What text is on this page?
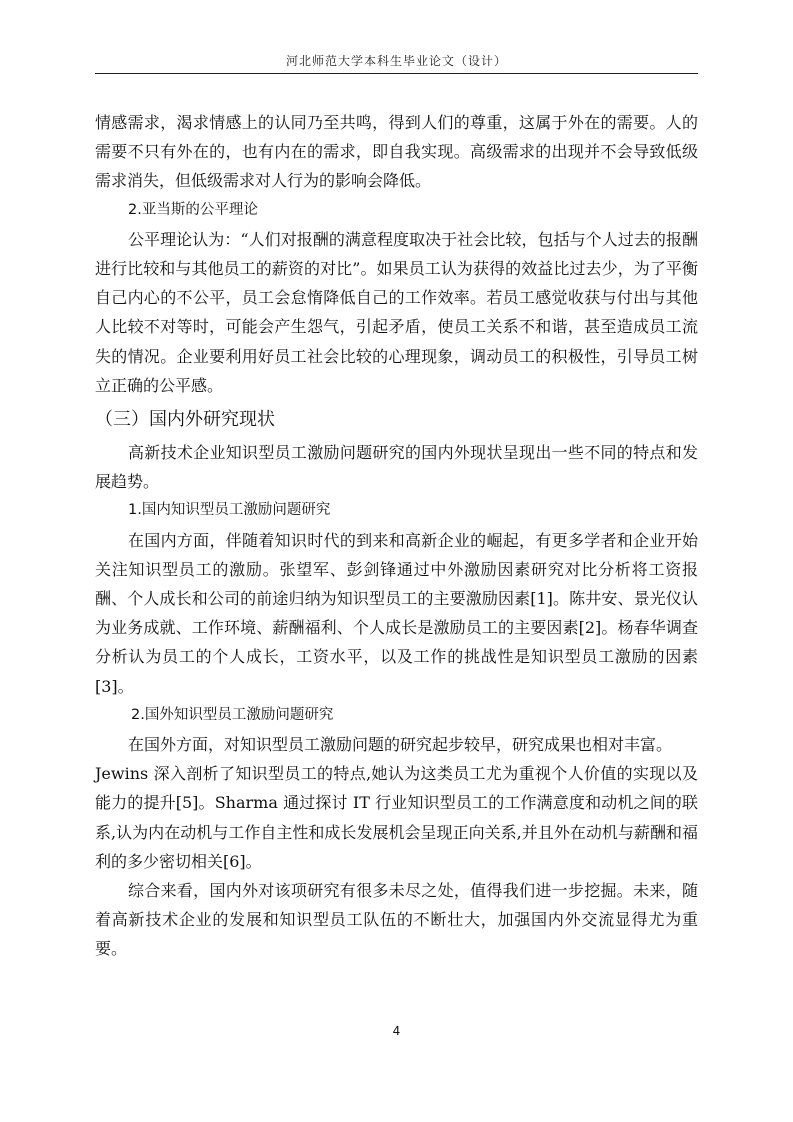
河北师范大学本科生毕业论文（设计）

情感需求，渴求情感上的认同乃至共鸣，得到人们的尊重，这属于外在的需要。人的需要不只有外在的，也有内在的需求，即自我实现。高级需求的出现并不会导致低级需求消失，但低级需求对人行为的影响会降低。

2.亚当斯的公平理论

公平理论认为：“人们对报酬的满意程度取决于社会比较，包括与个人过去的报酬进行比较和与其他员工的薪资的对比”。如果员工认为获得的效益比过去少，为了平衡自己内心的不公平，员工会怠惰降低自己的工作效率。若员工感觉收获与付出与其他人比较不对等时，可能会产生怨气，引起矛盾，使员工关系不和谐，甚至造成员工流失的情况。企业要利用好员工社会比较的心理现象，调动员工的积极性，引导员工树立正确的公平感。

（三）国内外研究现状

高新技术企业知识型员工激励问题研究的国内外现状呈现出一些不同的特点和发展趋势。

1.国内知识型员工激励问题研究

在国内方面，伴随着知识时代的到来和高新企业的崛起，有更多学者和企业开始关注知识型员工的激励。张望军、彭剑锋通过中外激励因素研究对比分析将工资报酬、个人成长和公司的前途归纳为知识型员工的主要激励因素[1]。陈井安、景光仪认为业务成就、工作环境、薪酬福利、个人成长是激励员工的主要因素[2]。杨春华调查分析认为员工的个人成长，工资水平，以及工作的挑战性是知识型员工激励的因素[3]。

2.国外知识型员工激励问题研究

在国外方面，对知识型员工激励问题的研究起步较早，研究成果也相对丰富。

Jewins 深入剖析了知识型员工的特点,她认为这类员工尤为重视个人价值的实现以及能力的提升[5]。Sharma 通过探讨 IT 行业知识型员工的工作满意度和动机之间的联系,认为内在动机与工作自主性和成长发展机会呈现正向关系,并且外在动机与薪酬和福利的多少密切相关[6]。

综合来看，国内外对该项研究有很多未尽之处，值得我们进一步挖掘。未来，随着高新技术企业的发展和知识型员工队伍的不断壮大，加强国内外交流显得尤为重要。

4
